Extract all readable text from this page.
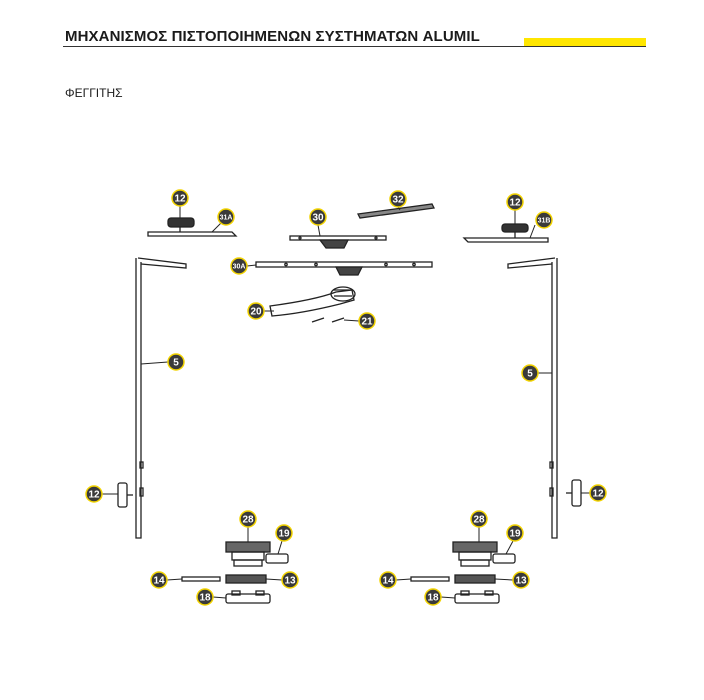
ΜΗΧΑΝΙΣΜΟΣ ΠΙΣΤΟΠΟΙΗΜΕΝΩΝ ΣΥΣΤΗΜΑΤΩΝ ALUMIL
ΦΕΓΓΙΤΗΣ
12
31A	30
32	12
31B
30A
20
21
5
5
12	12
28
19
14	13
18
28
19
14	13
18
